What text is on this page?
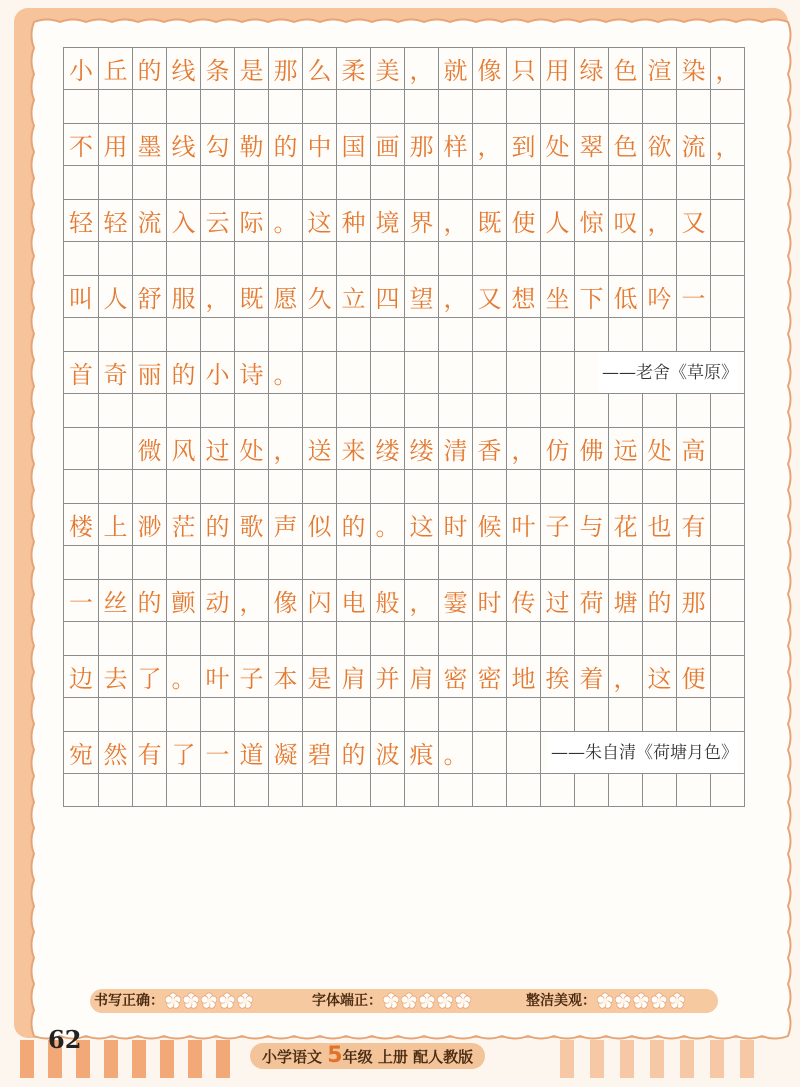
小 丘 的 线 条 是 那 么 柔 美 ， 就 像 只 用 绿 色 渲 染 ，
不 用 墨 线 勾 勒 的 中 国 画 那 样 ， 到 处 翠 色 欲 流 ，
轻 轻 流 入 云 际 。 这 种 境 界 ， 既 使 人 惊 叹 ， 又
叫 人 舒 服 ， 既 愿 久 立 四 望 ， 又 想 坐 下 低 吟 一
首 奇 丽 的 小 诗 。	——老舍《草原》
微 风 过 处 ， 送 来 缕 缕 清 香 ， 仿 佛 远 处 高
楼 上 渺 茫 的 歌 声 似 的 。 这 时 候 叶 子 与 花 也 有
一 丝 的 颤 动 ， 像 闪 电 般 ， 霎 时 传 过 荷 塘 的 那
边 去 了 。 叶 子 本 是 肩 并 肩 密 密 地 挨 着 ， 这 便
宛 然 有 了 一 道 凝 碧 的 波 痕 。	——朱自清《荷塘月色》
书写正确：	字体端正：	整洁美观：
62
小学语文 5年级 上册 配人教版
